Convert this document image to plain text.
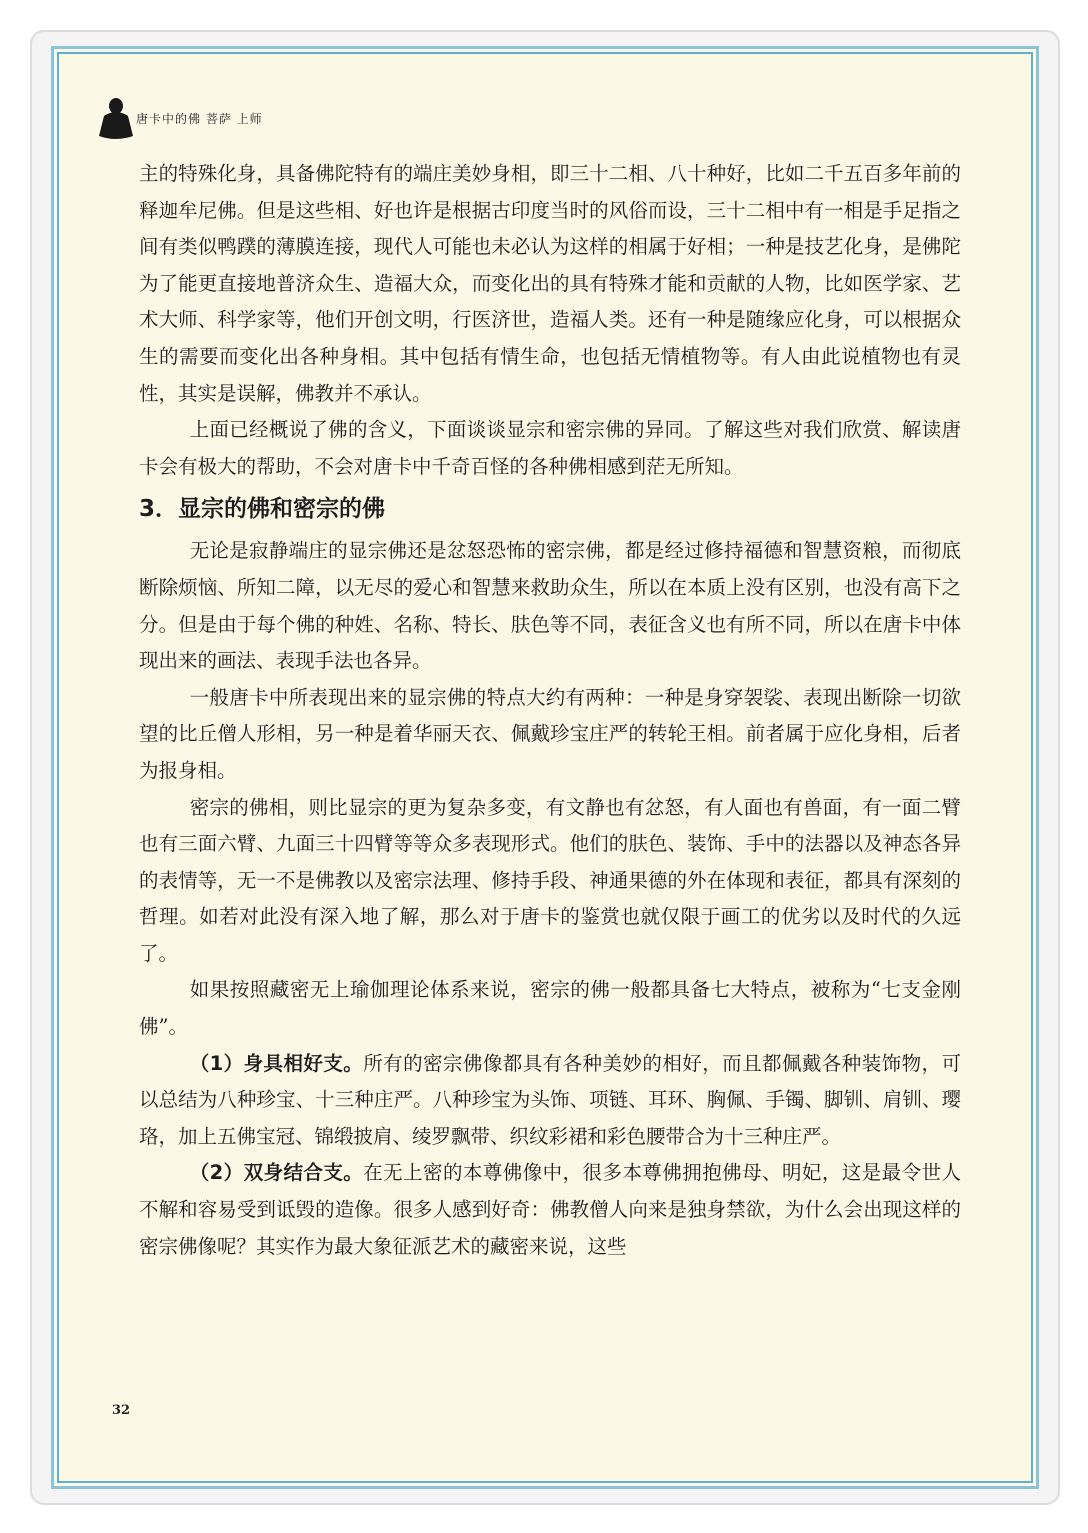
唐卡中的佛 菩萨 上师

主的特殊化身，具备佛陀特有的端庄美妙身相，即三十二相、八十种好，比如二千五百多年前的释迦牟尼佛。但是这些相、好也许是根据古印度当时的风俗而设，三十二相中有一相是手足指之间有类似鸭蹼的薄膜连接，现代人可能也未必认为这样的相属于好相；一种是技艺化身，是佛陀为了能更直接地普济众生、造福大众，而变化出的具有特殊才能和贡献的人物，比如医学家、艺术大师、科学家等，他们开创文明，行医济世，造福人类。还有一种是随缘应化身，可以根据众生的需要而变化出各种身相。其中包括有情生命，也包括无情植物等。有人由此说植物也有灵性，其实是误解，佛教并不承认。

上面已经概说了佛的含义，下面谈谈显宗和密宗佛的异同。了解这些对我们欣赏、解读唐卡会有极大的帮助，不会对唐卡中千奇百怪的各种佛相感到茫无所知。

3．显宗的佛和密宗的佛

无论是寂静端庄的显宗佛还是忿怒恐怖的密宗佛，都是经过修持福德和智慧资粮，而彻底断除烦恼、所知二障，以无尽的爱心和智慧来救助众生，所以在本质上没有区别，也没有高下之分。但是由于每个佛的种姓、名称、特长、肤色等不同，表征含义也有所不同，所以在唐卡中体现出来的画法、表现手法也各异。

一般唐卡中所表现出来的显宗佛的特点大约有两种：一种是身穿袈裟、表现出断除一切欲望的比丘僧人形相，另一种是着华丽天衣、佩戴珍宝庄严的转轮王相。前者属于应化身相，后者为报身相。

密宗的佛相，则比显宗的更为复杂多变，有文静也有忿怒，有人面也有兽面，有一面二臂也有三面六臂、九面三十四臂等等众多表现形式。他们的肤色、装饰、手中的法器以及神态各异的表情等，无一不是佛教以及密宗法理、修持手段、神通果德的外在体现和表征，都具有深刻的哲理。如若对此没有深入地了解，那么对于唐卡的鉴赏也就仅限于画工的优劣以及时代的久远了。

如果按照藏密无上瑜伽理论体系来说，密宗的佛一般都具备七大特点，被称为“七支金刚佛”。

（1）身具相好支。所有的密宗佛像都具有各种美妙的相好，而且都佩戴各种装饰物，可以总结为八种珍宝、十三种庄严。八种珍宝为头饰、项链、耳环、胸佩、手镯、脚钏、肩钏、璎珞，加上五佛宝冠、锦缎披肩、绫罗飘带、织纹彩裙和彩色腰带合为十三种庄严。

（2）双身结合支。在无上密的本尊佛像中，很多本尊佛拥抱佛母、明妃，这是最令世人不解和容易受到诋毁的造像。很多人感到好奇：佛教僧人向来是独身禁欲，为什么会出现这样的密宗佛像呢？其实作为最大象征派艺术的藏密来说，这些

32
